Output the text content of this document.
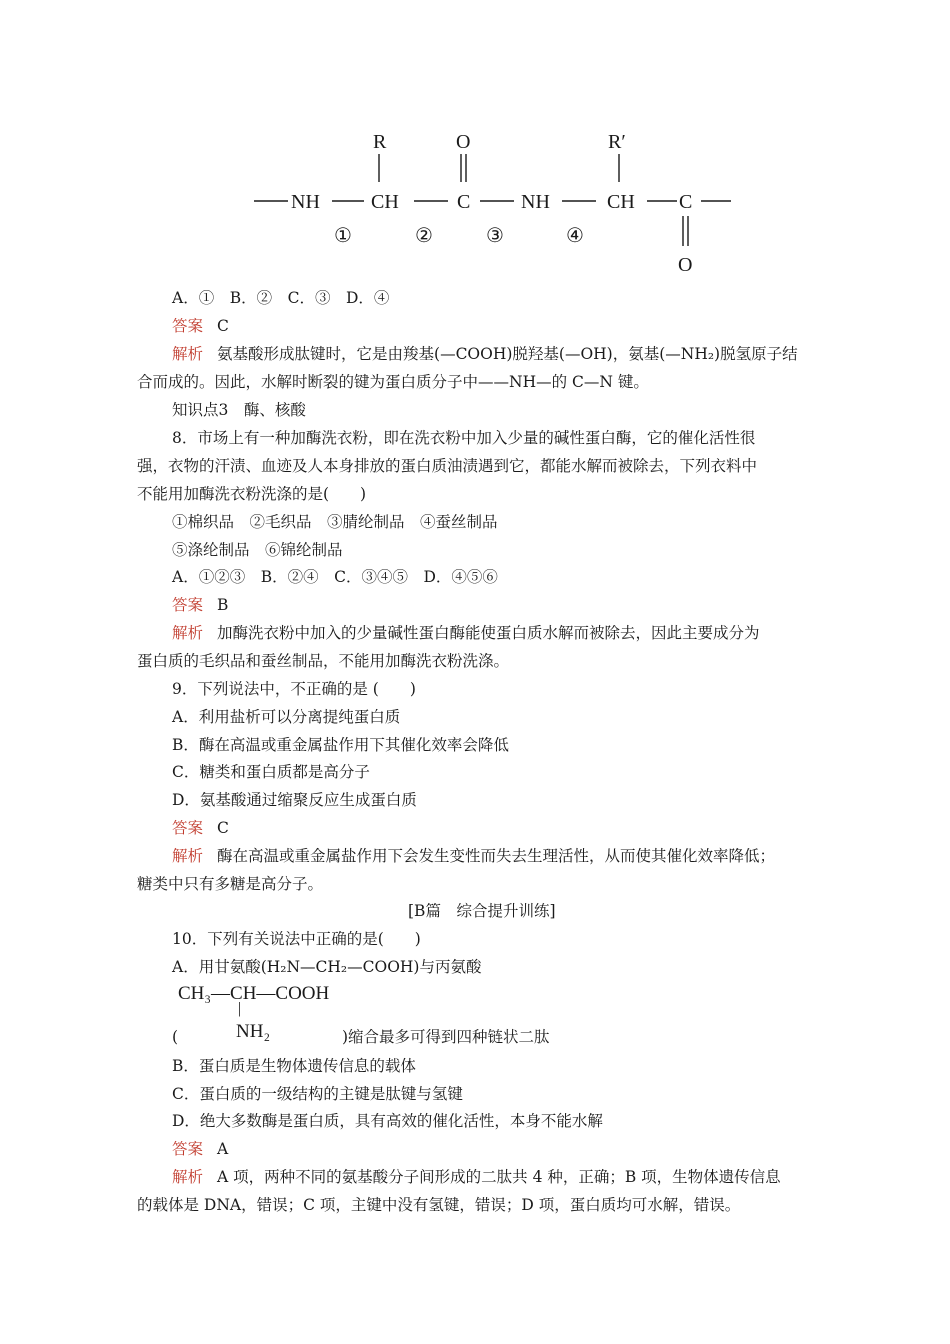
R	O	R′
NH	CH	C	NH	CH C
O
①	②	③	④
A．①　B．②　C．③　D．④
答案 C
解析 氨基酸形成肽键时，它是由羧基(—COOH)脱羟基(—OH)，氨基(—NH₂)脱氢原子结
合而成的。因此，水解时断裂的键为蛋白质分子中——NH—的 C—N 键。
知识点3　酶、核酸
8．市场上有一种加酶洗衣粉，即在洗衣粉中加入少量的碱性蛋白酶，它的催化活性很
强，衣物的汗渍、血迹及人本身排放的蛋白质油渍遇到它，都能水解而被除去，下列衣料中
不能用加酶洗衣粉洗涤的是(　　)
①棉织品　②毛织品　③腈纶制品　④蚕丝制品
⑤涤纶制品　⑥锦纶制品
A．①②③　B．②④　C．③④⑤　D．④⑤⑥
答案 B
解析 加酶洗衣粉中加入的少量碱性蛋白酶能使蛋白质水解而被除去，因此主要成分为
蛋白质的毛织品和蚕丝制品，不能用加酶洗衣粉洗涤。
9．下列说法中，不正确的是 (　　)
A．利用盐析可以分离提纯蛋白质
B．酶在高温或重金属盐作用下其催化效率会降低
C．糖类和蛋白质都是高分子
D．氨基酸通过缩聚反应生成蛋白质
答案 C
解析 酶在高温或重金属盐作用下会发生变性而失去生理活性，从而使其催化效率降低；
糖类中只有多糖是高分子。
[B篇　综合提升训练]
10．下列有关说法中正确的是(　　)
A．用甘氨酸(H₂N—CH₂—COOH)与丙氨酸
CH₃—CH—COOH
|
NH₂
(	)缩合最多可得到四种链状二肽
B．蛋白质是生物体遗传信息的载体
C．蛋白质的一级结构的主键是肽键与氢键
D．绝大多数酶是蛋白质，具有高效的催化活性，本身不能水解
答案 A
解析 A 项，两种不同的氨基酸分子间形成的二肽共 4 种，正确；B 项，生物体遗传信息
的载体是 DNA，错误；C 项，主键中没有氢键，错误；D 项，蛋白质均可水解，错误。
